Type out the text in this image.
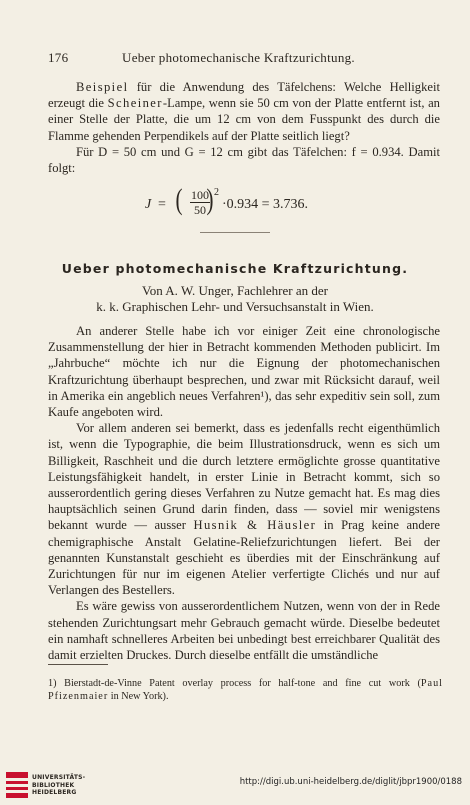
176	Ueber photomechanische Kraftzurichtung.

Beispiel für die Anwendung des Täfelchens: Welche Helligkeit erzeugt die Scheiner-Lampe, wenn sie 50 cm von der Platte entfernt ist, an einer Stelle der Platte, die um 12 cm von dem Fusspunkt des durch die Flamme gehenden Perpendikels auf der Platte seitlich liegt?

Für D = 50 cm und G = 12 cm gibt das Täfelchen: f = 0.934. Damit folgt:

J = ( $\frac{100}{50}$
) 2
·0.934 = 3.736.
Ueber photomechanische Kraftzurichtung.
Von A. W. Unger, Fachlehrer an der
k. k. Graphischen Lehr- und Versuchsanstalt in Wien.

An anderer Stelle habe ich vor einiger Zeit eine chronologische Zusammenstellung der hier in Betracht kommenden Methoden publicirt. Im „Jahrbuche“ möchte ich nur die Eignung der photomechanischen Kraftzurichtung überhaupt besprechen, und zwar mit Rücksicht darauf, weil in Amerika ein angeblich neues Verfahren¹), das sehr expeditiv sein soll, zum Kaufe angeboten wird.

Vor allem anderen sei bemerkt, dass es jedenfalls recht eigenthümlich ist, wenn die Typographie, die beim Illustrationsdruck, wenn es sich um Billigkeit, Raschheit und die durch letztere ermöglichte grosse quantitative Leistungsfähigkeit handelt, in erster Linie in Betracht kommt, sich so ausserordentlich gering dieses Verfahren zu Nutze gemacht hat. Es mag dies hauptsächlich seinen Grund darin finden, dass — soviel mir wenigstens bekannt wurde — ausser Husnik & Häusler in Prag keine andere chemigraphische Anstalt Gelatine-Reliefzurichtungen liefert. Bei der genannten Kunstanstalt geschieht es überdies mit der Einschränkung auf Zurichtungen für nur im eigenen Atelier verfertigte Clichés und nur auf Verlangen des Bestellers.

Es wäre gewiss von ausserordentlichem Nutzen, wenn von der in Rede stehenden Zurichtungsart mehr Gebrauch gemacht würde. Dieselbe bedeutet ein namhaft schnelleres Arbeiten bei unbedingt best erreichbarer Qualität des damit erzielten Druckes. Durch dieselbe entfällt die umständliche

1) Bierstadt-de-Vinne Patent overlay process for half-tone and fine cut work (Paul Pfizenmaier in New York).
UNIVERSITÄTS-
BIBLIOTHEK
HEIDELBERG
http://digi.ub.uni-heidelberg.de/diglit/jbpr1900/0188
